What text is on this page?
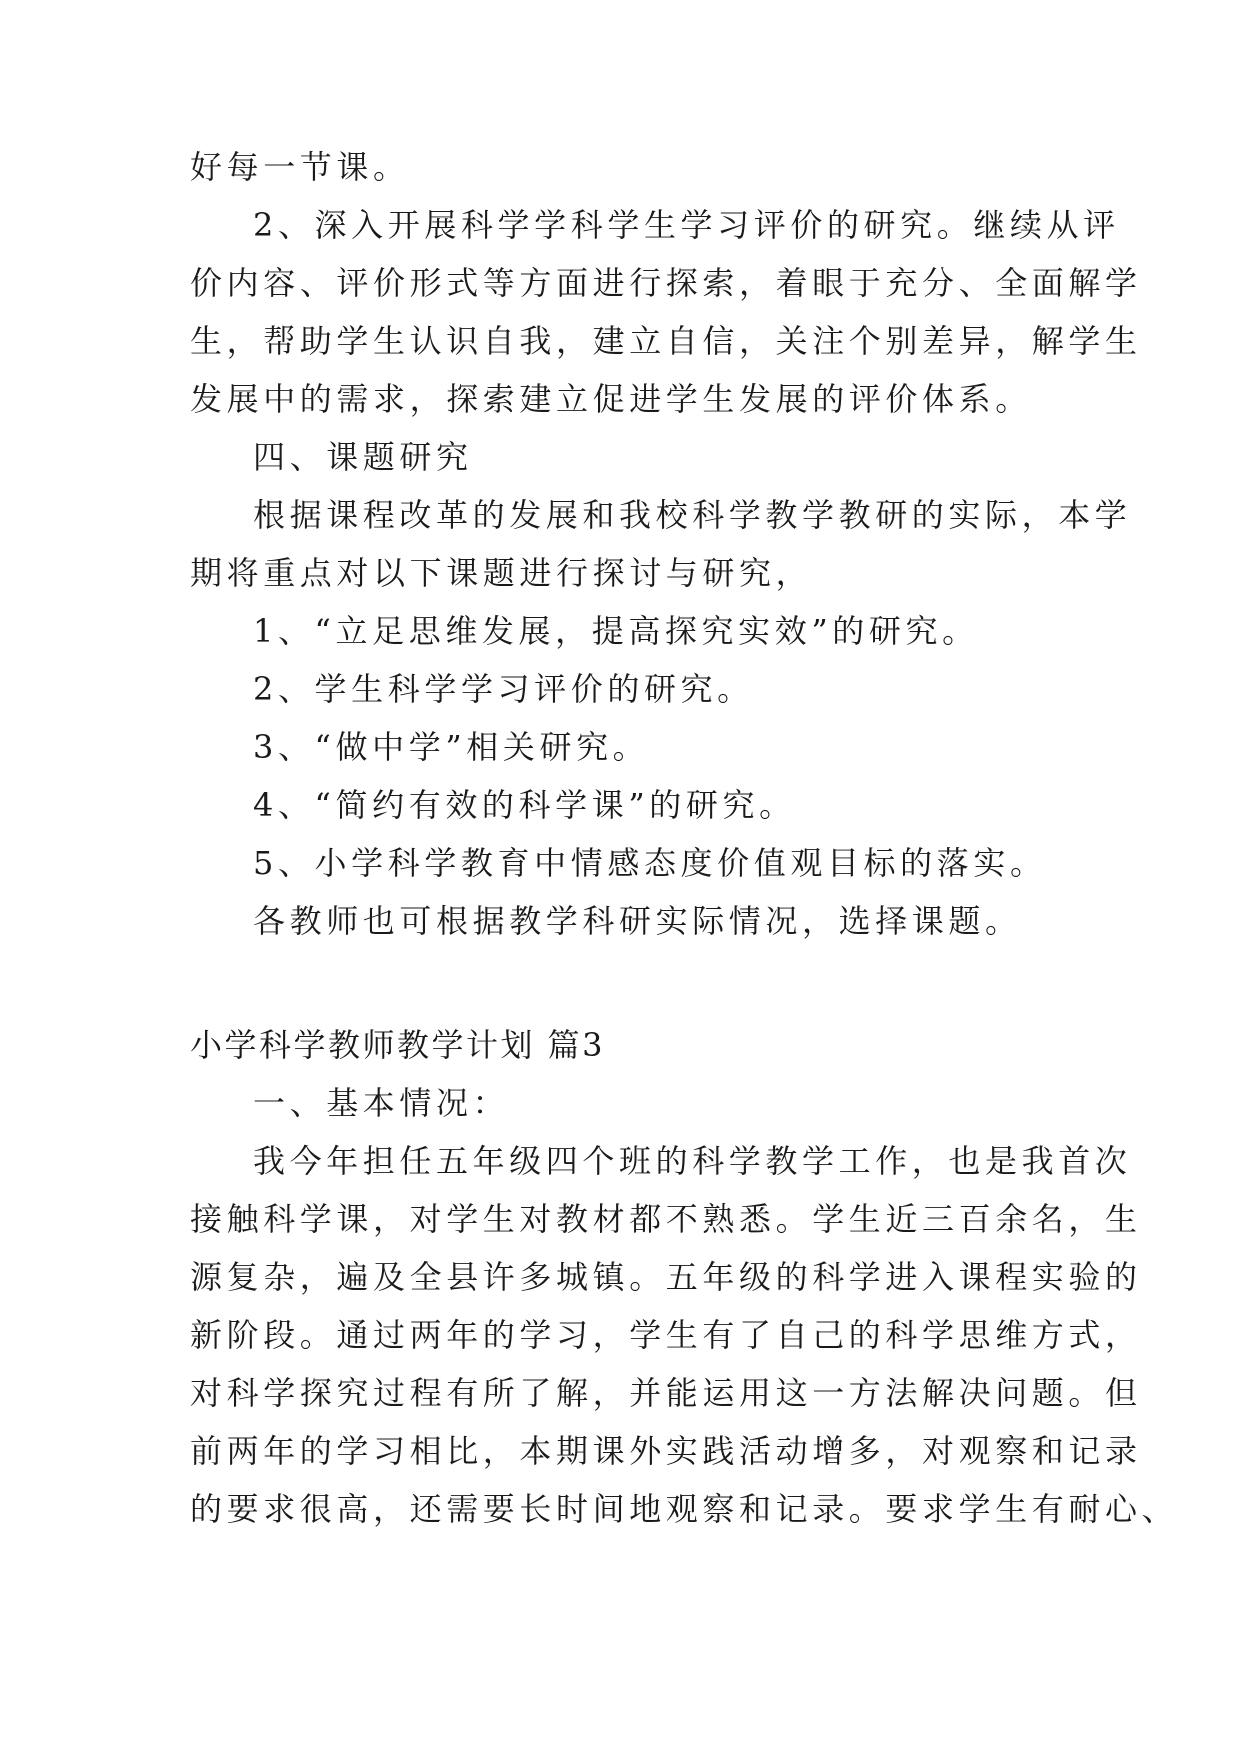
好每一节课。
2、深入开展科学学科学生学习评价的研究。继续从评
价内容、评价形式等方面进行探索，着眼于充分、全面解学
生，帮助学生认识自我，建立自信，关注个别差异，解学生
发展中的需求，探索建立促进学生发展的评价体系。
四、课题研究
根据课程改革的发展和我校科学教学教研的实际，本学
期将重点对以下课题进行探讨与研究，
1、“立足思维发展，提高探究实效”的研究。
2、学生科学学习评价的研究。
3、“做中学”相关研究。
4、“简约有效的科学课”的研究。
5、小学科学教育中情感态度价值观目标的落实。
各教师也可根据教学科研实际情况，选择课题。
小学科学教师教学计划 篇3
一、基本情况：
我今年担任五年级四个班的科学教学工作，也是我首次
接触科学课，对学生对教材都不熟悉。学生近三百余名，生
源复杂，遍及全县许多城镇。五年级的科学进入课程实验的
新阶段。通过两年的学习，学生有了自己的科学思维方式，
对科学探究过程有所了解，并能运用这一方法解决问题。但
前两年的学习相比，本期课外实践活动增多，对观察和记录
的要求很高，还需要长时间地观察和记录。要求学生有耐心、
